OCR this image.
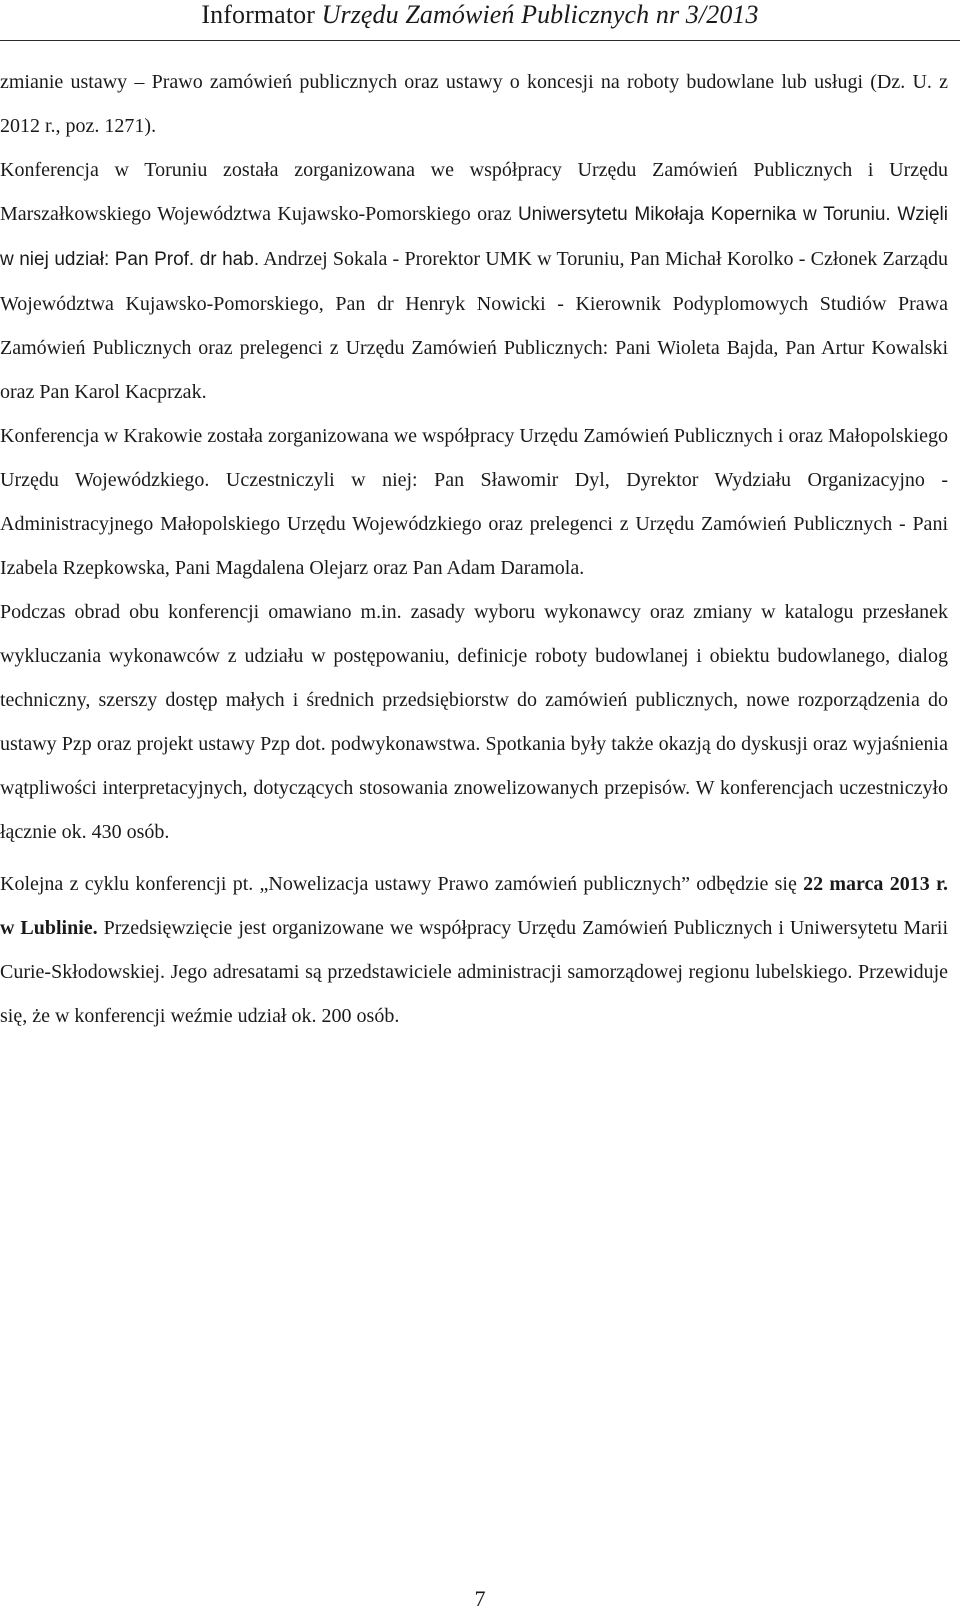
Informator Urzędu Zamówień Publicznych nr 3/2013

zmianie ustawy – Prawo zamówień publicznych oraz ustawy o koncesji na roboty budowlane lub usługi (Dz. U. z 2012 r., poz. 1271).

Konferencja w Toruniu została zorganizowana we współpracy Urzędu Zamówień Publicznych i Urzędu Marszałkowskiego Województwa Kujawsko-Pomorskiego oraz Uniwersytetu Mikołaja Kopernika w Toruniu. Wzięli w niej udział: Pan Prof. dr hab. Andrzej Sokala - Prorektor UMK w Toruniu, Pan Michał Korolko - Członek Zarządu Województwa Kujawsko-Pomorskiego, Pan dr Henryk Nowicki - Kierownik Podyplomowych Studiów Prawa Zamówień Publicznych oraz prelegenci z Urzędu Zamówień Publicznych: Pani Wioleta Bajda, Pan Artur Kowalski oraz Pan Karol Kacprzak.

Konferencja w Krakowie została zorganizowana we współpracy Urzędu Zamówień Publicznych i oraz Małopolskiego Urzędu Wojewódzkiego. Uczestniczyli w niej: Pan Sławomir Dyl, Dyrektor Wydziału Organizacyjno - Administracyjnego Małopolskiego Urzędu Wojewódzkiego oraz prelegenci z Urzędu Zamówień Publicznych - Pani Izabela Rzepkowska, Pani Magdalena Olejarz oraz Pan Adam Daramola.

Podczas obrad obu konferencji omawiano m.in. zasady wyboru wykonawcy oraz zmiany w katalogu przesłanek wykluczania wykonawców z udziału w postępowaniu, definicje roboty budowlanej i obiektu budowlanego, dialog techniczny, szerszy dostęp małych i średnich przedsiębiorstw do zamówień publicznych, nowe rozporządzenia do ustawy Pzp oraz projekt ustawy Pzp dot. podwykonawstwa. Spotkania były także okazją do dyskusji oraz wyjaśnienia wątpliwości interpretacyjnych, dotyczących stosowania znowelizowanych przepisów. W konferencjach uczestniczyło łącznie ok. 430 osób.

Kolejna z cyklu konferencji pt. „Nowelizacja ustawy Prawo zamówień publicznych” odbędzie się 22 marca 2013 r. w Lublinie. Przedsięwzięcie jest organizowane we współpracy Urzędu Zamówień Publicznych i Uniwersytetu Marii Curie-Skłodowskiej. Jego adresatami są przedstawiciele administracji samorządowej regionu lubelskiego. Przewiduje się, że w konferencji weźmie udział ok. 200 osób.

7
